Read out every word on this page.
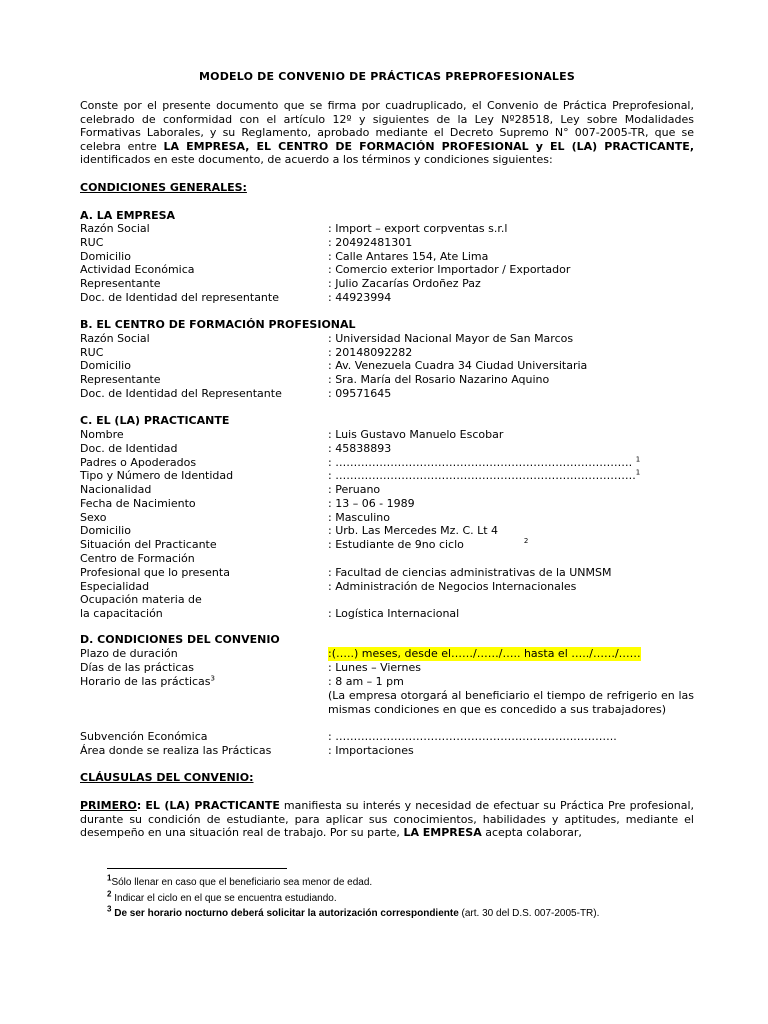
MODELO DE CONVENIO DE PRÁCTICAS PREPROFESIONALES
Conste por el presente documento que se firma por cuadruplicado, el Convenio de Práctica Preprofesional, celebrado de conformidad con el artículo 12º y siguientes de la Ley Nº28518, Ley sobre Modalidades Formativas Laborales, y su Reglamento, aprobado mediante el Decreto Supremo N° 007-2005-TR, que se celebra entre LA EMPRESA, EL CENTRO DE FORMACIÓN PROFESIONAL y EL (LA) PRACTICANTE, identificados en este documento, de acuerdo a los términos y condiciones siguientes:
CONDICIONES GENERALES:
A. LA EMPRESA
Razón Social	: Import – export corpventas s.r.l
RUC	: 20492481301
Domicilio	: Calle Antares 154, Ate Lima
Actividad Económica	: Comercio exterior Importador / Exportador
Representante	: Julio Zacarías Ordoñez Paz
Doc. de Identidad del representante	: 44923994
B. EL CENTRO DE FORMACIÓN PROFESIONAL
Razón Social	: Universidad Nacional Mayor de San Marcos
RUC	: 20148092282
Domicilio	: Av. Venezuela Cuadra 34 Ciudad Universitaria
Representante	: Sra. María del Rosario Nazarino Aquino
Doc. de Identidad del Representante	: 09571645
C. EL (LA) PRACTICANTE
Nombre	: Luis Gustavo Manuelo Escobar
Doc. de Identidad	: 45838893
Padres o Apoderados	: ……………………………………………………………………… $^1$
Tipo y Número de Identidad	: ……………………………………………………………………….$^1$
Nacionalidad	: Peruano
Fecha de Nacimiento	: 13 – 06 - 1989
Sexo	: Masculino
Domicilio	: Urb. Las Mercedes Mz. C. Lt 4
Situación del Practicante	: Estudiante de 9no ciclo	$^2$
Centro de Formación
Profesional que lo presenta	: Facultad de ciencias administrativas de la UNMSM
Especialidad	: Administración de Negocios Internacionales
Ocupación materia de
la capacitación	: Logística Internacional
D. CONDICIONES DEL CONVENIO
Plazo de duración	:(…..) meses, desde el……/……/….. hasta el …../……/……
Días de las prácticas	: Lunes – Viernes
Horario de las prácticas$^3$	: 8 am – 1 pm
(La empresa otorgará al beneficiario el tiempo de refrigerio en las mismas condiciones en que es concedido a sus trabajadores)
Subvención Económica	: …………………………………………….…………..………..
Área donde se realiza las Prácticas	: Importaciones
CLÁUSULAS DEL CONVENIO:
PRIMERO: EL (LA) PRACTICANTE manifiesta su interés y necesidad de efectuar su Práctica Pre profesional, durante su condición de estudiante, para aplicar sus conocimientos, habilidades y aptitudes, mediante el desempeño en una situación real de trabajo. Por su parte, LA EMPRESA acepta colaborar,
$^1$Sólo llenar en caso que el beneficiario sea menor de edad.
$^2$ Indicar el ciclo en el que se encuentra estudiando.
$^3$ De ser horario nocturno deberá solicitar la autorización correspondiente (art. 30 del D.S. 007-2005-TR).
